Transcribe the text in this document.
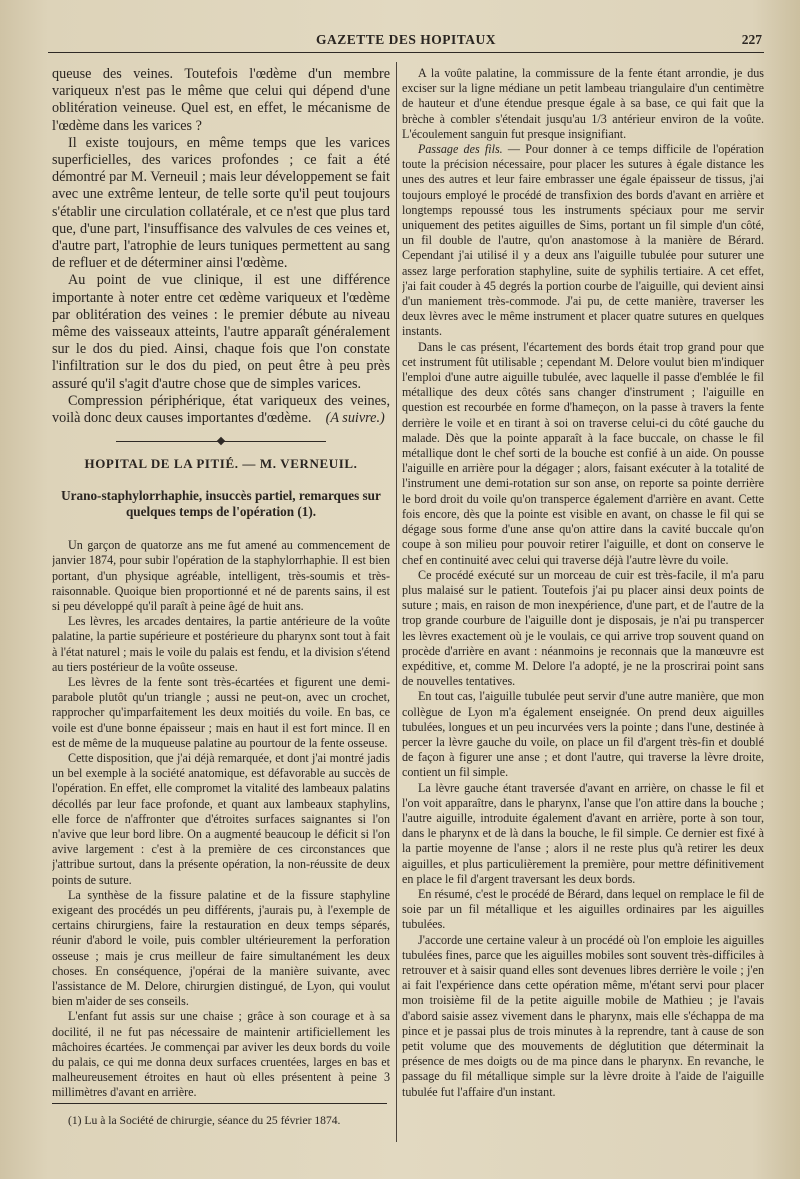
GAZETTE DES HOPITAUX	227

queuse des veines. Toutefois l'œdème d'un membre variqueux n'est pas le même que celui qui dépend d'une oblitération veineuse. Quel est, en effet, le mécanisme de l'œdème dans les varices ?

Il existe toujours, en même temps que les varices superficielles, des varices profondes ; ce fait a été démontré par M. Verneuil ; mais leur développement se fait avec une extrême lenteur, de telle sorte qu'il peut toujours s'établir une circulation collatérale, et ce n'est que plus tard que, d'une part, l'insuffisance des valvules de ces veines et, d'autre part, l'atrophie de leurs tuniques permettent au sang de refluer et de déterminer ainsi l'œdème.

Au point de vue clinique, il est une différence importante à noter entre cet œdème variqueux et l'œdème par oblitération des veines : le premier débute au niveau même des vaisseaux atteints, l'autre apparaît généralement sur le dos du pied. Ainsi, chaque fois que l'on constate l'infiltration sur le dos du pied, on peut être à peu près assuré qu'il s'agit d'autre chose que de simples varices.

Compression périphérique, état variqueux des veines, voilà donc deux causes importantes d'œdème. (A suivre.)

HOPITAL DE LA PITIÉ. — M. VERNEUIL.
Urano-staphylorrhaphie, insuccès partiel, remarques sur quelques temps de l'opération (1).

Un garçon de quatorze ans me fut amené au commencement de janvier 1874, pour subir l'opération de la staphylorrhaphie. Il est bien portant, d'un physique agréable, intelligent, très-soumis et très-raisonnable. Quoique bien proportionné et né de parents sains, il est si peu développé qu'il paraît à peine âgé de huit ans.

Les lèvres, les arcades dentaires, la partie antérieure de la voûte palatine, la partie supérieure et postérieure du pharynx sont tout à fait à l'état naturel ; mais le voile du palais est fendu, et la division s'étend au tiers postérieur de la voûte osseuse.

Les lèvres de la fente sont très-écartées et figurent une demi-parabole plutôt qu'un triangle ; aussi ne peut-on, avec un crochet, rapprocher qu'imparfaitement les deux moitiés du voile. En bas, ce voile est d'une bonne épaisseur ; mais en haut il est fort mince. Il en est de même de la muqueuse palatine au pourtour de la fente osseuse.

Cette disposition, que j'ai déjà remarquée, et dont j'ai montré jadis un bel exemple à la société anatomique, est défavorable au succès de l'opération. En effet, elle compromet la vitalité des lambeaux palatins décollés par leur face profonde, et quant aux lambeaux staphylins, elle force de n'affronter que d'étroites surfaces saignantes si l'on n'avive que leur bord libre. On a augmenté beaucoup le déficit si l'on avive largement : c'est à la première de ces circonstances que j'attribue surtout, dans la présente opération, la non-réussite de deux points de suture.

La synthèse de la fissure palatine et de la fissure staphyline exigeant des procédés un peu différents, j'aurais pu, à l'exemple de certains chirurgiens, faire la restauration en deux temps séparés, réunir d'abord le voile, puis combler ultérieurement la perforation osseuse ; mais je crus meilleur de faire simultanément les deux choses. En conséquence, j'opérai de la manière suivante, avec l'assistance de M. Delore, chirurgien distingué, de Lyon, qui voulut bien m'aider de ses conseils.

L'enfant fut assis sur une chaise ; grâce à son courage et à sa docilité, il ne fut pas nécessaire de maintenir artificiellement les mâchoires écartées. Je commençai par aviver les deux bords du voile du palais, ce qui me donna deux surfaces cruentées, larges en bas et malheureusement étroites en haut où elles présentent à peine 3 millimètres d'avant en arrière.

(1) Lu à la Société de chirurgie, séance du 25 février 1874.

A la voûte palatine, la commissure de la fente étant arrondie, je dus exciser sur la ligne médiane un petit lambeau triangulaire d'un centimètre de hauteur et d'une étendue presque égale à sa base, ce qui fait que la brèche à combler s'étendait jusqu'au 1/3 antérieur environ de la voûte. L'écoulement sanguin fut presque insignifiant.

Passage des fils. — Pour donner à ce temps difficile de l'opération toute la précision nécessaire, pour placer les sutures à égale distance les unes des autres et leur faire embrasser une égale épaisseur de tissus, j'ai toujours employé le procédé de transfixion des bords d'avant en arrière et longtemps repoussé tous les instruments spéciaux pour me servir uniquement des petites aiguilles de Sims, portant un fil simple d'un côté, un fil double de l'autre, qu'on anastomose à la manière de Bérard. Cependant j'ai utilisé il y a deux ans l'aiguille tubulée pour suturer une assez large perforation staphyline, suite de syphilis tertiaire. A cet effet, j'ai fait couder à 45 degrés la portion courbe de l'aiguille, qui devient ainsi d'un maniement très-commode. J'ai pu, de cette manière, traverser les deux lèvres avec le même instrument et placer quatre sutures en quelques instants.

Dans le cas présent, l'écartement des bords était trop grand pour que cet instrument fût utilisable ; cependant M. Delore voulut bien m'indiquer l'emploi d'une autre aiguille tubulée, avec laquelle il passe d'emblée le fil métallique des deux côtés sans changer d'instrument ; l'aiguille en question est recourbée en forme d'hameçon, on la passe à travers la fente derrière le voile et en tirant à soi on traverse celui-ci du côté gauche du malade. Dès que la pointe apparaît à la face buccale, on chasse le fil métallique dont le chef sorti de la bouche est confié à un aide. On pousse l'aiguille en arrière pour la dégager ; alors, faisant exécuter à la totalité de l'instrument une demi-rotation sur son anse, on reporte sa pointe derrière le bord droit du voile qu'on transperce également d'arrière en avant. Cette fois encore, dès que la pointe est visible en avant, on chasse le fil qui se dégage sous forme d'une anse qu'on attire dans la cavité buccale qu'on coupe à son milieu pour pouvoir retirer l'aiguille, et dont on conserve le chef en continuité avec celui qui traverse déjà l'autre lèvre du voile.

Ce procédé exécuté sur un morceau de cuir est très-facile, il m'a paru plus malaisé sur le patient. Toutefois j'ai pu placer ainsi deux points de suture ; mais, en raison de mon inexpérience, d'une part, et de l'autre de la trop grande courbure de l'aiguille dont je disposais, je n'ai pu transpercer les lèvres exactement où je le voulais, ce qui arrive trop souvent quand on procède d'arrière en avant : néanmoins je reconnais que la manœuvre est expéditive, et, comme M. Delore l'a adopté, je ne la proscrirai point sans de nouvelles tentatives.

En tout cas, l'aiguille tubulée peut servir d'une autre manière, que mon collègue de Lyon m'a également enseignée. On prend deux aiguilles tubulées, longues et un peu incurvées vers la pointe ; dans l'une, destinée à percer la lèvre gauche du voile, on place un fil d'argent très-fin et doublé de façon à figurer une anse ; et dont l'autre, qui traverse la lèvre droite, contient un fil simple.

La lèvre gauche étant traversée d'avant en arrière, on chasse le fil et l'on voit apparaître, dans le pharynx, l'anse que l'on attire dans la bouche ; l'autre aiguille, introduite également d'avant en arrière, porte à son tour, dans le pharynx et de là dans la bouche, le fil simple. Ce dernier est fixé à la partie moyenne de l'anse ; alors il ne reste plus qu'à retirer les deux aiguilles, et plus particulièrement la première, pour mettre définitivement en place le fil d'argent traversant les deux bords.

En résumé, c'est le procédé de Bérard, dans lequel on remplace le fil de soie par un fil métallique et les aiguilles ordinaires par les aiguilles tubulées.

J'accorde une certaine valeur à un procédé où l'on emploie les aiguilles tubulées fines, parce que les aiguilles mobiles sont souvent très-difficiles à retrouver et à saisir quand elles sont devenues libres derrière le voile ; j'en ai fait l'expérience dans cette opération même, m'étant servi pour placer mon troisième fil de la petite aiguille mobile de Mathieu ; je l'avais d'abord saisie assez vivement dans le pharynx, mais elle s'échappa de ma pince et je passai plus de trois minutes à la reprendre, tant à cause de son petit volume que des mouvements de déglutition que déterminait la présence de mes doigts ou de ma pince dans le pharynx. En revanche, le passage du fil métallique simple sur la lèvre droite à l'aide de l'aiguille tubulée fut l'affaire d'un instant.
